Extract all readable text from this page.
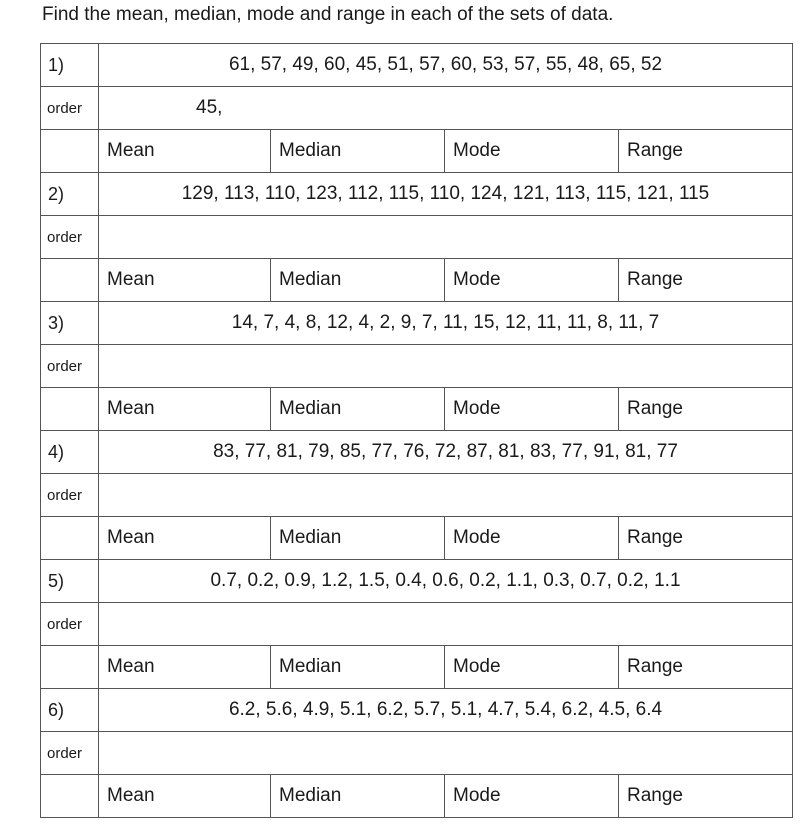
Find the mean, median, mode and range in each of the sets of data.
1)	61, 57, 49, 60, 45, 51, 57, 60, 53, 57, 55, 48, 65, 52			
order	45,			
	Mean	Median	Mode	Range
2)	129, 113, 110, 123, 112, 115, 110, 124, 121, 113, 115, 121, 115			
order				
	Mean	Median	Mode	Range
3)	14, 7, 4, 8, 12, 4, 2, 9, 7, 11, 15, 12, 11, 11, 8, 11, 7			
order				
	Mean	Median	Mode	Range
4)	83, 77, 81, 79, 85, 77, 76, 72, 87, 81, 83, 77, 91, 81, 77			
order				
	Mean	Median	Mode	Range
5)	0.7, 0.2, 0.9, 1.2, 1.5, 0.4, 0.6, 0.2, 1.1, 0.3, 0.7, 0.2, 1.1			
order				
	Mean	Median	Mode	Range
6)	6.2, 5.6, 4.9, 5.1, 6.2, 5.7, 5.1, 4.7, 5.4, 6.2, 4.5, 6.4			
order				
	Mean	Median	Mode	Range
